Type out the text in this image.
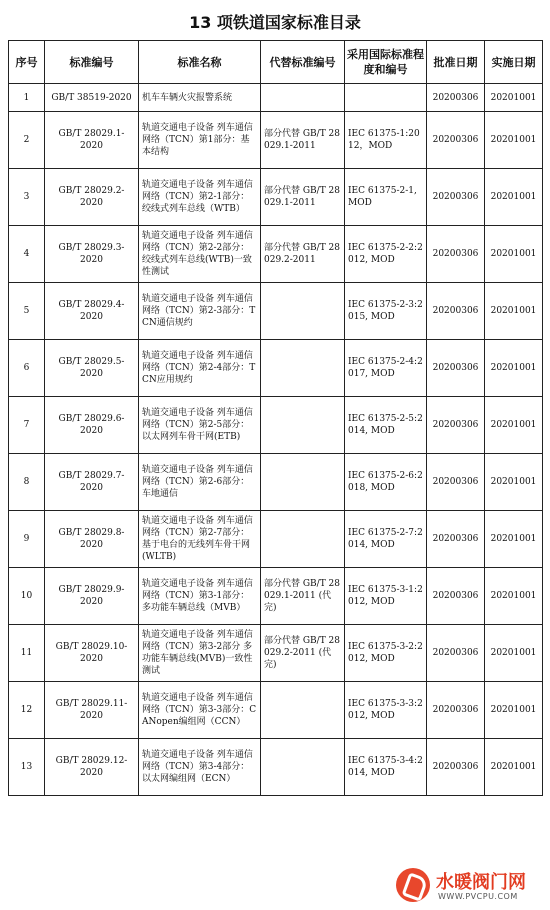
13 项铁道国家标准目录
序号	标准编号	标准名称	代替标准编号	采用国际标准程度和编号	批准日期	实施日期
1	GB/T 38519-2020	机车车辆火灾报警系统			20200306	20201001
2	GB/T 28029.1-2020	轨道交通电子设备 列车通信网络（TCN）第1部分：基本结构	部分代替 GB/T 28029.1-2011	IEC 61375-1:2012，MOD	20200306	20201001
3	GB/T 28029.2-2020	轨道交通电子设备 列车通信网络（TCN）第2-1部分：绞线式列车总线（WTB）	部分代替 GB/T 28029.1-2011	IEC 61375-2-1, MOD	20200306	20201001
4	GB/T 28029.3-2020	轨道交通电子设备 列车通信网络（TCN）第2-2部分：绞线式列车总线(WTB)一致性测试	部分代替 GB/T 28029.2-2011	IEC 61375-2-2:2012, MOD	20200306	20201001
5	GB/T 28029.4-2020	轨道交通电子设备 列车通信网络（TCN）第2-3部分：TCN通信规约		IEC 61375-2-3:2015, MOD	20200306	20201001
6	GB/T 28029.5-2020	轨道交通电子设备 列车通信网络（TCN）第2-4部分：TCN应用规约		IEC 61375-2-4:2017, MOD	20200306	20201001
7	GB/T 28029.6-2020	轨道交通电子设备 列车通信网络（TCN）第2-5部分：以太网列车骨干网(ETB)		IEC 61375-2-5:2014, MOD	20200306	20201001
8	GB/T 28029.7-2020	轨道交通电子设备 列车通信网络（TCN）第2-6部分：车地通信		IEC 61375-2-6:2018, MOD	20200306	20201001
9	GB/T 28029.8-2020	轨道交通电子设备 列车通信网络（TCN）第2-7部分：基于电台的无线列车骨干网(WLTB)		IEC 61375-2-7:2014, MOD	20200306	20201001
10	GB/T 28029.9-2020	轨道交通电子设备 列车通信网络（TCN）第3-1部分：多功能车辆总线（MVB）	部分代替 GB/T 28029.1-2011 (代完)	IEC 61375-3-1:2012, MOD	20200306	20201001
11	GB/T 28029.10-2020	轨道交通电子设备 列车通信网络（TCN）第3-2部分 多功能车辆总线(MVB)一致性测试	部分代替 GB/T 28029.2-2011 (代完)	IEC 61375-3-2:2012, MOD	20200306	20201001
12	GB/T 28029.11-2020	轨道交通电子设备 列车通信网络（TCN）第3-3部分：CANopen编组网（CCN）		IEC 61375-3-3:2012, MOD	20200306	20201001
13	GB/T 28029.12-2020	轨道交通电子设备 列车通信网络（TCN）第3-4部分：以太网编组网（ECN）		IEC 61375-3-4:2014, MOD	20200306	20201001
水暖阀门网
WWW.PVCPU.COM
